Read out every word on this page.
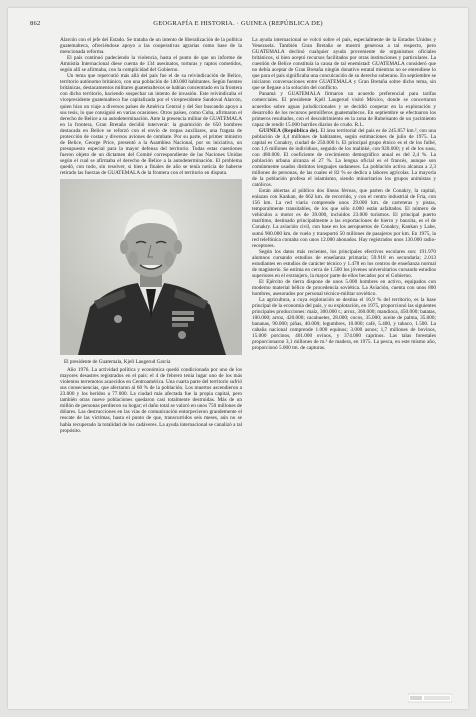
862	GEOGRAFÍA E HISTORIA. · GUINEA (REPÚBLICA DE)

Alarcón con el jefe del Estado. Se trataba de un intento de liberalización de la política guatemalteca, ofreciéndose apoyo a las cooperativas agrarias como base de la mencionada reforma.

El país continuó padeciendo la violencia, hasta el punto de que un informe de Amnistía Internacional diese cuenta de 134 asesinatos, torturas y raptos cometidos, según allí se afirmaba, con la complicidad del Gobierno.

Un tema que repercutió más allá del país fue el de su reivindicación de Belice, territorio autónomo británico, con una población de 140.000 habitantes. Según fuentes británicas, destacamentos militares guatemaltecos se habían concentrado en la frontera con dicho territorio, haciendo sospechar un intento de invasión. Este reivindicaba el vicepresidente guatemalteco fue capitalizada por el vicepresidente Sandoval Alarcón, quien hizo un viaje a diversos países de América Central y del Sur buscando apoyo a sus tesis, lo que consiguió en varias ocasiones. Otros países, como Cuba, afirmaron el derecho de Belice a su autodeterminación. Ante la presencia militar de GUATEMALA en la frontera, Gran Bretaña decidió intervenir: la guarnición de 650 hombres destacada en Belice se reforzó con el envío de tropas auxiliares, una fragata de protección de costas y diversos aviones de combate. Por su parte, el primer ministro de Belice, George Price, presentó a la Asamblea Nacional, por su iniciativa, un presupuesto especial para la mayor defensa del territorio. Todas estas cuestiones fueron objeto de un dictamen del Comité correspondiente de las Naciones Unidas según el cual se afirmaba el derecho de Belice a la autodeterminación. El problema quedó, con todo, sin resolver, si bien a finales de año se tenía noticia de haberse retirado las fuerzas de GUATEMALA de la frontera con el territorio en disputa.

El presidente de Guatemala, Kjell Laugerud García

Año 1976. La actividad política y económica quedó condicionada por uno de los mayores desastres registrados en el país: el 4 de febrero tenía lugar uno de los más violentos terremotos acaecidos en Centroamérica. Una cuarta parte del territorio sufrió sus consecuencias, que afectaron al 60 % de la población. Los muertos ascendieron a 23.000 y los heridos a 77.000. La ciudad más afectada fue la propia capital, pero también otras nueve poblaciones quedaron casi totalmente destruidas. Más de un millón de personas perdieron su hogar; el daño total se valoró en unos 750 millones de dólares. Las destrucciones en las vías de comunicación entorpecieron grandemente el rescate de las víctimas, hasta el punto de que, transcurridos seis meses, aún no se había recuperado la totalidad de los cadáveres. La ayuda internacional se canalizó a tal propósito.

La ayuda internacional se volcó sobre el país, especialmente de la Estados Unidos y Venezuela. También Gran Bretaña se mostró generosa a tal respecto, pero GUATEMALA declinó cualquier ayuda proveniente de organismos oficiales británicos, si bien aceptó recursos facilitados por otras instituciones y particulares. La cuestión de Belice constituía la causa de tal enemistad: GUATEMALA consideró que no debía aceptar de Gran Bretaña ningún donativo estatal mientras no se entendiese lo que para el país significaba una conculcación de su derecho soberano. En septiembre se iniciaron conversaciones entre GUATEMALA y Gran Bretaña sobre dicho tema, sin que se llegase a la solución del conflicto.

Panamá y GUATEMALA firmaron un acuerdo preferencial para tarifas comerciales. El presidente Kjell Laugerud visitó México, donde se concertaron acuerdos sobre aguas jurisdiccionales y se decidió cooperar en la exploración y desarrollo de los recursos petrolíferos guatemaltecos. En septiembre se efectuaron los primeros resultados, con el descubrimiento en la zona de Rubelsanto de un yacimiento capaz de rendir 15.000 barriles diarios de crudo. R.L.

GUINEA (República de). El área territorial del país es de 245.857 km.², con una población de 4,4 millones de habitantes, según estimaciones de julio de 1975. La capital es Conakry, ciudad de 250.000 h. El principal grupo étnico es el de los fulbé, con 1,6 millones de individuos, seguido de los malinké, con 920.000; y el de los susu, con 480.000. El coeficiente de crecimiento demográfico anual es del 2,4 %. La población urbana alcanza el 27 %. La lengua oficial es el francés, aunque son comúnmente usados distintos lenguajes sudaneses. La población activa alcanza a 2,3 millones de personas, de las cuales el 82 % se dedica a labores agrícolas. La mayoría de la población profesa el islamismo, siendo minoritarios los grupos animistas y católicos.

Están abiertas al público dos líneas férreas, que parten de Conakry, la capital, enlazan con Kankan, de 662 km. de recorrido, y con el centro industrial de Fria, con 156 km. La red viaria comprende unos 29.000 km. de carreteras y pistas, temporalmente transitables, de los que sólo 4.000 están asfaltados. El número de vehículos a motor es de 39.000, incluidos 23.000 turismos. El principal puerto marítimo, destinado principalmente a las exportaciones de hierro y bauxita, es el de Conakry. La aviación civil, con base en los aeropuertos de Conakry, Kankan y Labe, sumó 900.000 km. de vuelo y transportó 50 millones de pasajeros por km. En 1975, la red telefónica contaba con unos 12.000 abonados. Hay registrados unos 130.000 radio-receptores.

Según los datos más recientes, los principales efectivos escolares son: 191.970 alumnos cursando estudios de enseñanza primaria; 59.918 en secundaria; 2.013 estudiantes en estudios de carácter técnico y 1.478 en los centros de enseñanza normal de magisterio. Se estima en cerca de 1.500 los jóvenes universitarios cursando estudios superiores en el extranjero, la mayor parte de ellos becados por el Gobierno.

El Ejército de tierra dispone de unos 5.000 hombres en activo, equipados con moderno material bélico de procedencia soviética. La Aviación, cuenta con unos 800 hombres, asesorados por personal técnico-militar soviético.

La agricultura, a cuya explotación se destina el 16,9 % del territorio, es la base principal de la economía del país, y su explotación, en 1975, proporcionó las siguientes principales producciones: maíz, 300.000 t.; arroz, 360.000; mandioca, 450.000; batatas, 100.000; arroz, 420.000; cacahuetes, 28.000; cocos, 35.000; aceite de palma, 35.000; bananas, 90.000; piñas, 40.000; legumbres, 10.000; café, 5.400, y tabaco, 1.500. La cabaña nacional comprende 1.000 equinos; 3.000 asnos; 1,7 millones de bovinos, 15.000 porcinos, 401.000 ovinos, y 374.000 caprinos. Las talas forestales proporcionaron 3,1 millones de m.³ de madera, en 1975. La pesca, en este mismo año, proporcionó 5.000 tm. de capturas.
